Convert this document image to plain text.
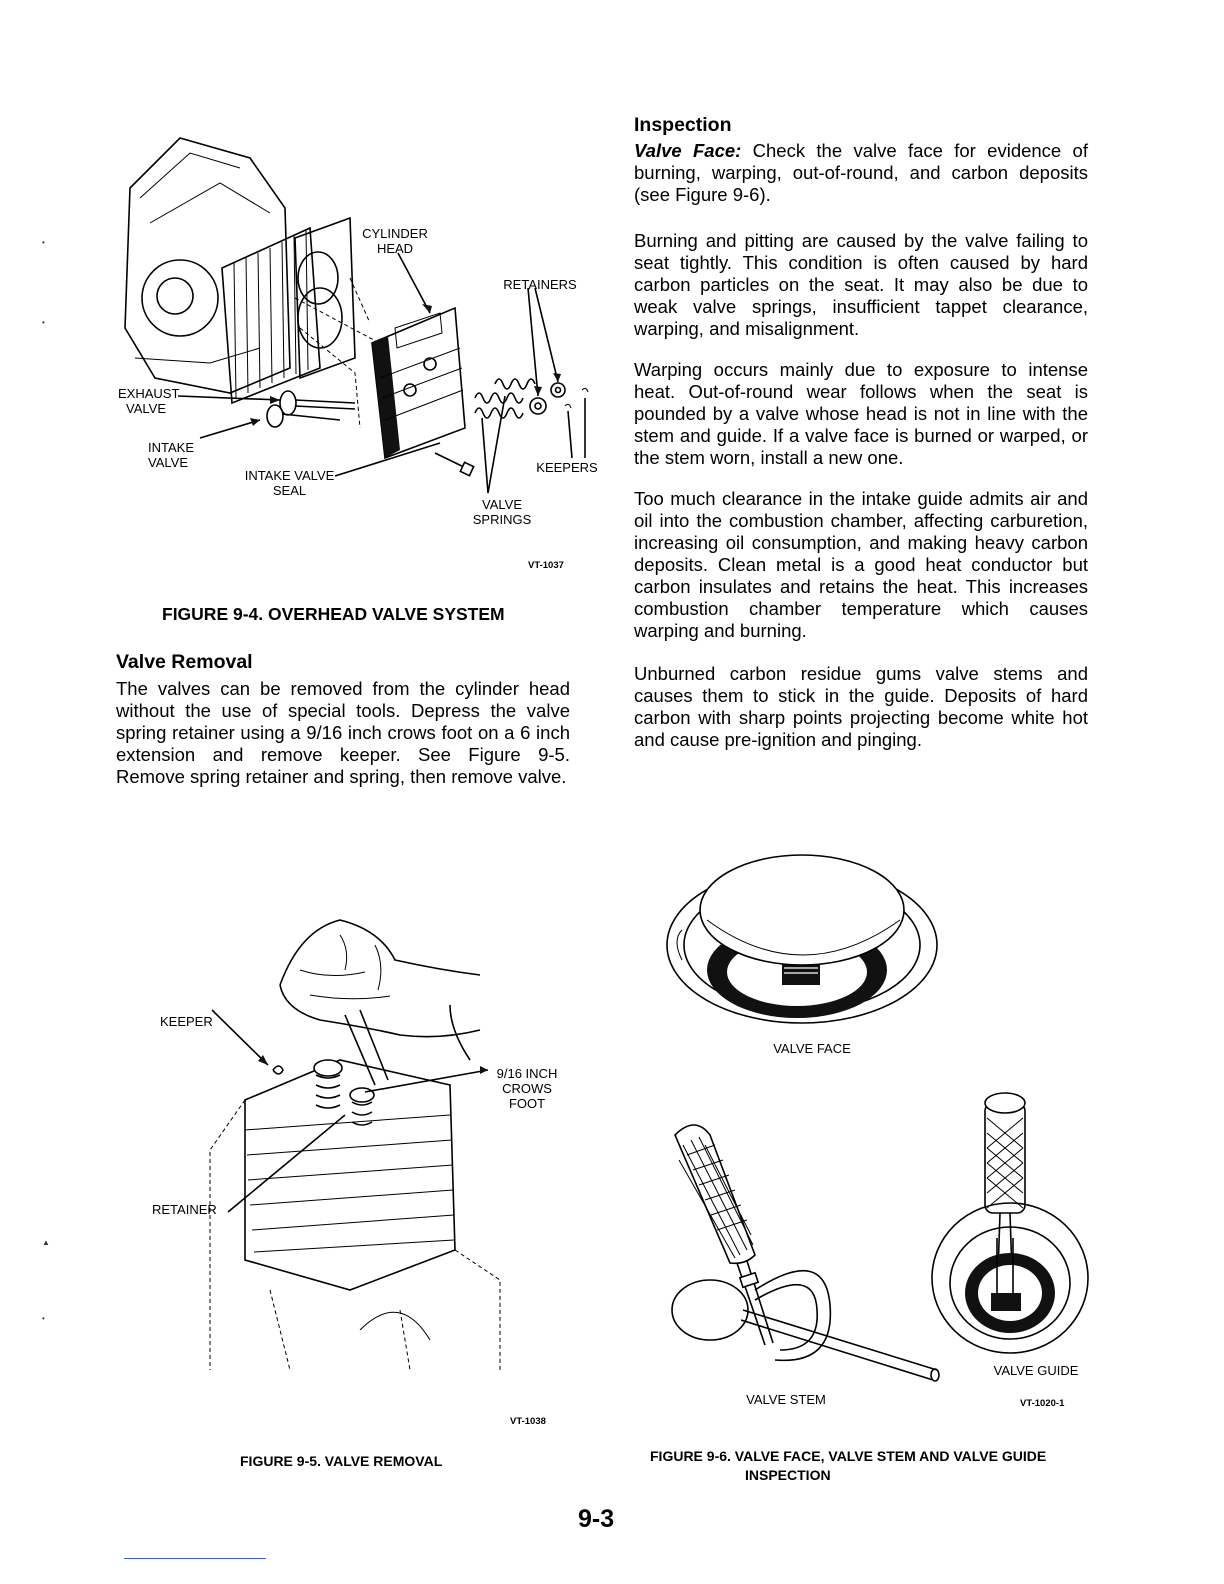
•
•
▲
•
CYLINDER
HEAD
RETAINERS
EXHAUST
VALVE
INTAKE
VALVE
INTAKE VALVE
SEAL
KEEPERS
VALVE
SPRINGS
VT-1037
FIGURE 9-4. OVERHEAD VALVE SYSTEM
Valve Removal

The valves can be removed from the cylinder head without the use of special tools. Depress the valve spring retainer using a 9/16 inch crows foot on a 6 inch extension and remove keeper. See Figure 9-5. Remove spring retainer and spring, then remove valve.

Inspection

Valve Face: Check the valve face for evidence of burning, warping, out-of-round, and carbon deposits (see Figure 9-6).

Burning and pitting are caused by the valve failing to seat tightly. This condition is often caused by hard carbon particles on the seat. It may also be due to weak valve springs, insufficient tappet clearance, warping, and misalignment.

Warping occurs mainly due to exposure to intense heat. Out-of-round wear follows when the seat is pounded by a valve whose head is not in line with the stem and guide. If a valve face is burned or warped, or the stem worn, install a new one.

Too much clearance in the intake guide admits air and oil into the combustion chamber, affecting carburetion, increasing oil consumption, and making heavy carbon deposits. Clean metal is a good heat conductor but carbon insulates and retains the heat. This increases combustion chamber temperature which causes warping and burning.

Unburned carbon residue gums valve stems and causes them to stick in the guide. Deposits of hard carbon with sharp points projecting become white hot and cause pre-ignition and pinging.

KEEPER
RETAINER
9/16 INCH
CROWS
FOOT
VT-1038
FIGURE 9-5. VALVE REMOVAL
VALVE FACE
VALVE STEM
VALVE GUIDE
VT-1020-1
FIGURE 9-6. VALVE FACE, VALVE STEM AND VALVE GUIDE
INSPECTION
9-3
